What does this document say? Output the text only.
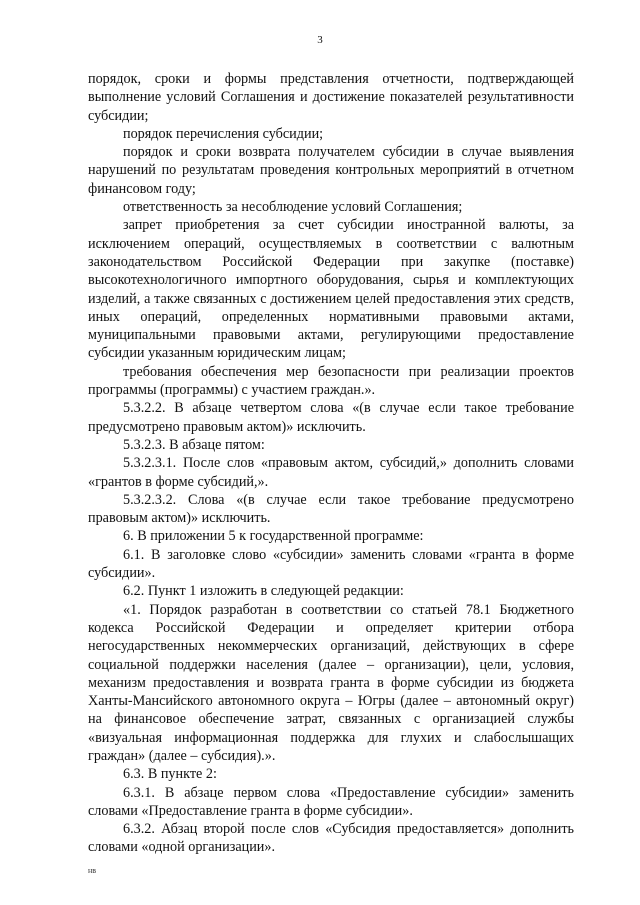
3

порядок, сроки и формы представления отчетности, подтверждающей выполнение условий Соглашения и достижение показателей результативности субсидии;

порядок перечисления субсидии;

порядок и сроки возврата получателем субсидии в случае выявления нарушений по результатам проведения контрольных мероприятий в отчетном финансовом году;

ответственность за несоблюдение условий Соглашения;

запрет приобретения за счет субсидии иностранной валюты, за исключением операций, осуществляемых в соответствии с валютным законодательством Российской Федерации при закупке (поставке) высокотехнологичного импортного оборудования, сырья и комплектующих изделий, а также связанных с достижением целей предоставления этих средств, иных операций, определенных нормативными правовыми актами, муниципальными правовыми актами, регулирующими предоставление субсидии указанным юридическим лицам;

требования обеспечения мер безопасности при реализации проектов программы (программы) с участием граждан.».

5.3.2.2. В абзаце четвертом слова «(в случае если такое требование предусмотрено правовым актом)» исключить.

5.3.2.3. В абзаце пятом:

5.3.2.3.1. После слов «правовым актом, субсидий,» дополнить словами «грантов в форме субсидий,».

5.3.2.3.2. Слова «(в случае если такое требование предусмотрено правовым актом)» исключить.

6. В приложении 5 к государственной программе:

6.1. В заголовке слово «субсидии» заменить словами «гранта в форме субсидии».

6.2. Пункт 1 изложить в следующей редакции:

«1. Порядок разработан в соответствии со статьей 78.1 Бюджетного кодекса Российской Федерации и определяет критерии отбора негосударственных некоммерческих организаций, действующих в сфере социальной поддержки населения (далее – организации), цели, условия, механизм предоставления и возврата гранта в форме субсидии из бюджета Ханты-Мансийского автономного округа – Югры (далее – автономный округ) на финансовое обеспечение затрат, связанных с организацией службы «визуальная информационная поддержка для глухих и слабослышащих граждан» (далее – субсидия).».

6.3. В пункте 2:

6.3.1. В абзаце первом слова «Предоставление субсидии» заменить словами «Предоставление гранта в форме субсидии».

6.3.2. Абзац второй после слов «Субсидия предоставляется» дополнить словами «одной организации».

нв
